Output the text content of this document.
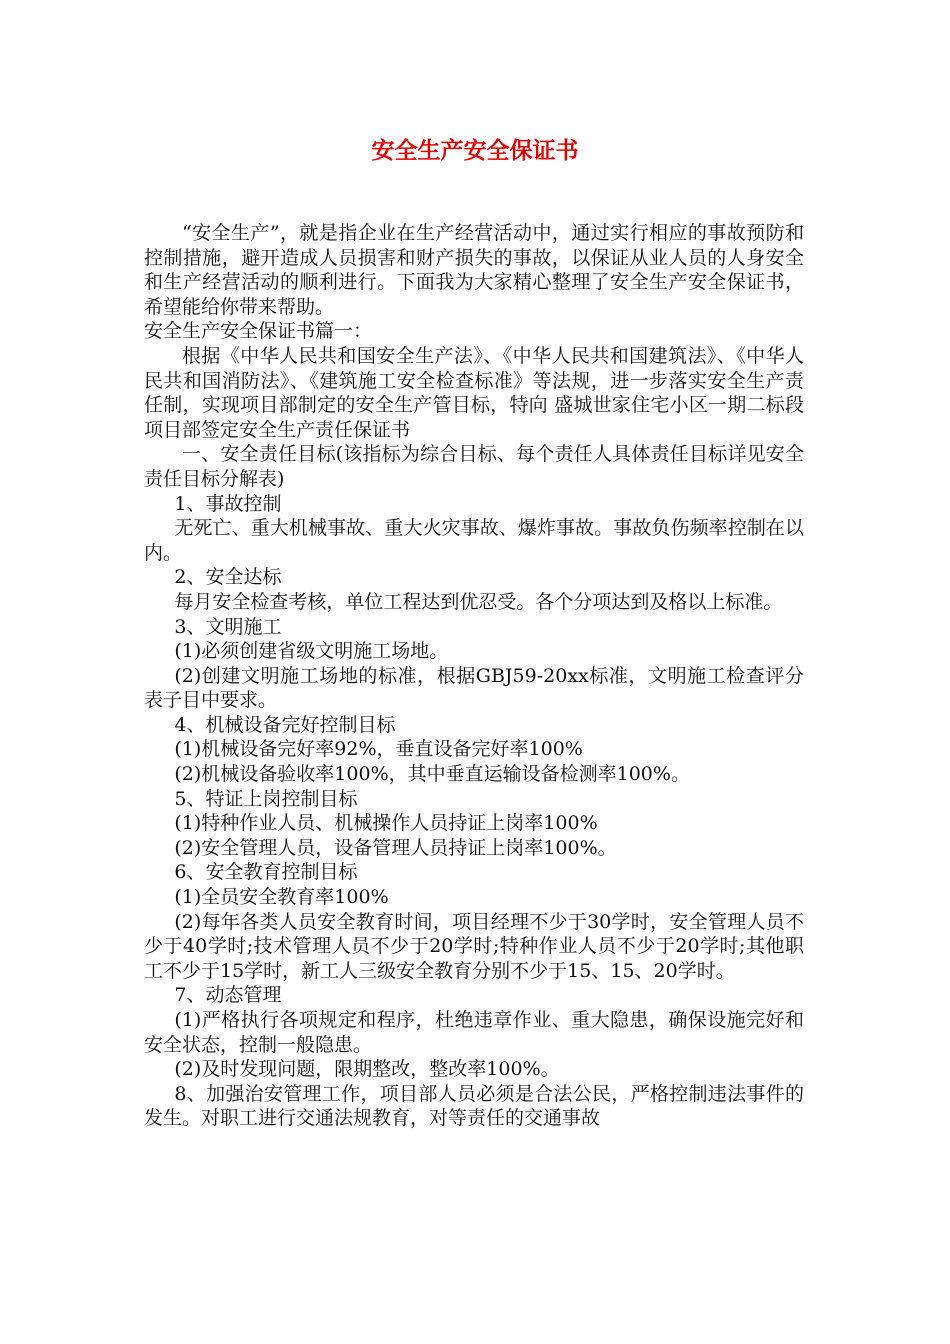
安全生产安全保证书

“安全生产”，就是指企业在生产经营活动中，通过实行相应的事故预防和控制措施，避开造成人员损害和财产损失的事故，以保证从业人员的人身安全和生产经营活动的顺利进行。下面我为大家精心整理了安全生产安全保证书，希望能给你带来帮助。

安全生产安全保证书篇一：

根据《中华人民共和国安全生产法》、《中华人民共和国建筑法》、《中华人民共和国消防法》、《建筑施工安全检查标准》等法规，进一步落实安全生产责任制，实现项目部制定的安全生产管目标，特向 盛城世家住宅小区一期二标段 项目部签定安全生产责任保证书

一、安全责任目标(该指标为综合目标、每个责任人具体责任目标详见安全责任目标分解表)

1、事故控制

无死亡、重大机械事故、重大火灾事故、爆炸事故。事故负伤频率控制在以内。

2、安全达标

每月安全检查考核，单位工程达到优忍受。各个分项达到及格以上标准。

3、文明施工

(1)必须创建省级文明施工场地。

(2)创建文明施工场地的标准，根据GBJ59-20xx标准，文明施工检查评分表子目中要求。

4、机械设备完好控制目标

(1)机械设备完好率92%，垂直设备完好率100%

(2)机械设备验收率100%，其中垂直运输设备检测率100%。

5、特证上岗控制目标

(1)特种作业人员、机械操作人员持证上岗率100%

(2)安全管理人员，设备管理人员持证上岗率100%。

6、安全教育控制目标

(1)全员安全教育率100%

(2)每年各类人员安全教育时间，项目经理不少于30学时，安全管理人员不少于40学时;技术管理人员不少于20学时;特种作业人员不少于20学时;其他职工不少于15学时，新工人三级安全教育分别不少于15、15、20学时。

7、动态管理

(1)严格执行各项规定和程序，杜绝违章作业、重大隐患，确保设施完好和安全状态，控制一般隐患。

(2)及时发现问题，限期整改，整改率100%。

8、加强治安管理工作，项目部人员必须是合法公民，严格控制违法事件的发生。对职工进行交通法规教育，对等责任的交通事故
